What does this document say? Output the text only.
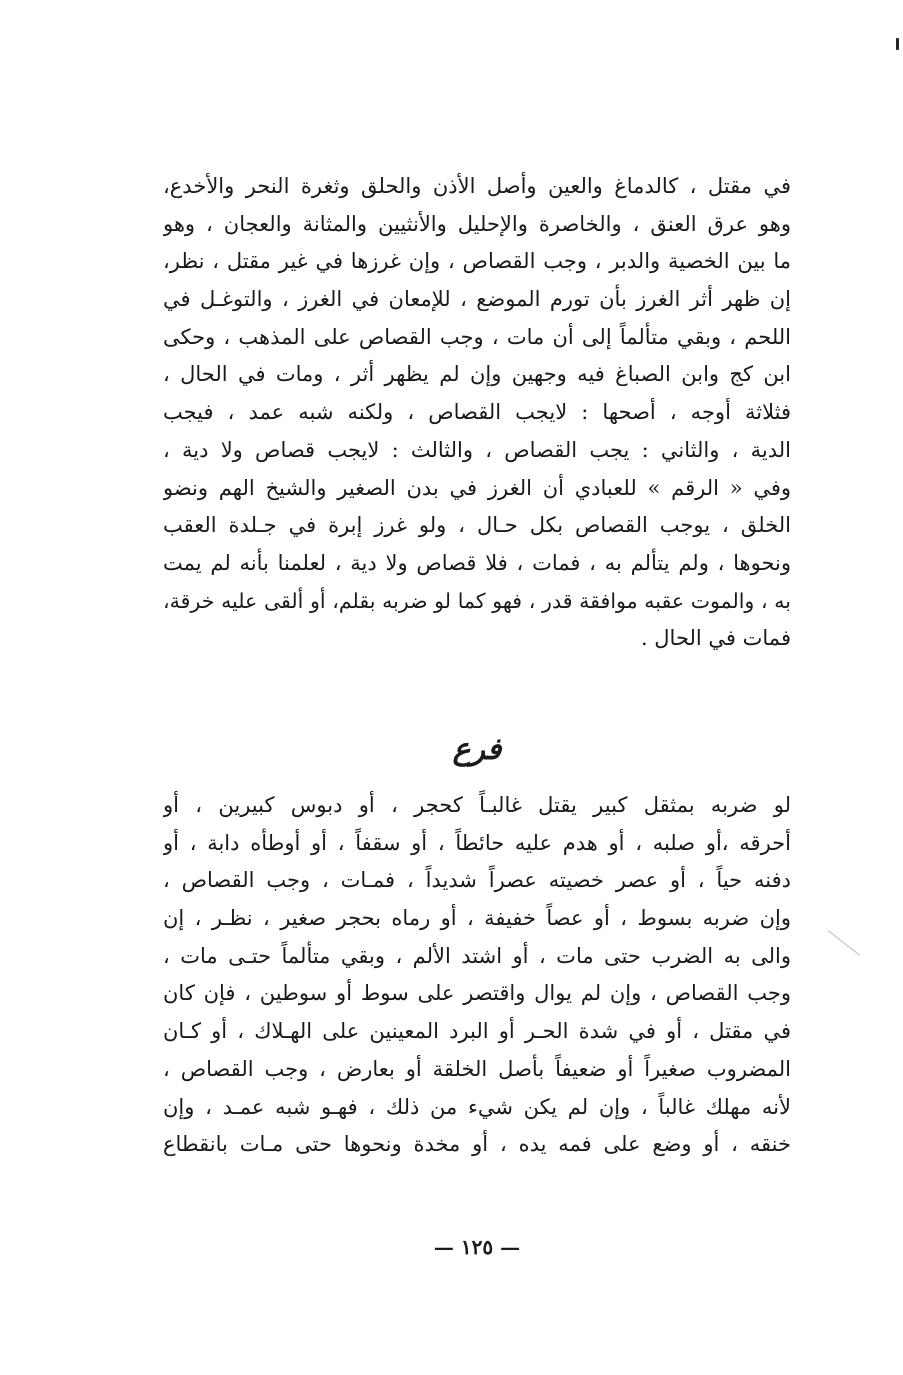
في مقتل ، كالدماغ والعين وأصل الأذن والحلق وثغرة النحر والأخدع،
وهو عرق العنق ، والخاصرة والإحليل والأنثيين والمثانة والعجان ، وهو
ما بين الخصية والدبر ، وجب القصاص ، وإن غرزها في غير مقتل ، نظر،
إن ظهر أثر الغرز بأن تورم الموضع ، للإمعان في الغرز ، والتوغـل في
اللحم ، وبقي متألماً إلى أن مات ، وجب القصاص على المذهب ، وحكى
ابن كج وابن الصباغ فيه وجهين وإن لم يظهر أثر ، ومات في الحال ،
فثلاثة أوجه ، أصحها : لايجب القصاص ، ولكنه شبه عمد ، فيجب
الدية ، والثاني : يجب القصاص ، والثالث : لايجب قصاص ولا دية ،
وفي « الرقم » للعبادي أن الغرز في بدن الصغير والشيخ الهم ونضو
الخلق ، يوجب القصاص بكل حـال ، ولو غرز إبرة في جـلدة العقب
ونحوها ، ولم يتألم به ، فمات ، فلا قصاص ولا دية ، لعلمنا بأنه لم يمت
به ، والموت عقبه موافقة قدر ، فهو كما لو ضربه بقلم، أو ألقى عليه خرقة،
فمات في الحال .
فرع
لو ضربه بمثقل كبير يقتل غالبـاً كحجر ، أو دبوس كبيرين ، أو
أحرقه ،أو صلبه ، أو هدم عليه حائطاً ، أو سقفاً ، أو أوطأه دابة ، أو
دفنه حياً ، أو عصر خصيته عصراً شديداً ، فمـات ، وجب القصاص ،
وإن ضربه بسوط ، أو عصاً خفيفة ، أو رماه بحجر صغير ، نظـر ، إن
والى به الضرب حتى مات ، أو اشتد الألم ، وبقي متألماً حتـى مات ،
وجب القصاص ، وإن لم يوال واقتصر على سوط أو سوطين ، فإن كان
في مقتل ، أو في شدة الحـر أو البرد المعينين على الهـلاك ، أو كـان
المضروب صغيراً أو ضعيفاً بأصل الخلقة أو بعارض ، وجب القصاص ،
لأنه مهلك غالباً ، وإن لم يكن شيء من ذلك ، فهـو شبه عمـد ، وإن
خنقه ، أو وضع على فمه يده ، أو مخدة ونحوها حتى مـات بانقطاع
— ١٢٥ —
